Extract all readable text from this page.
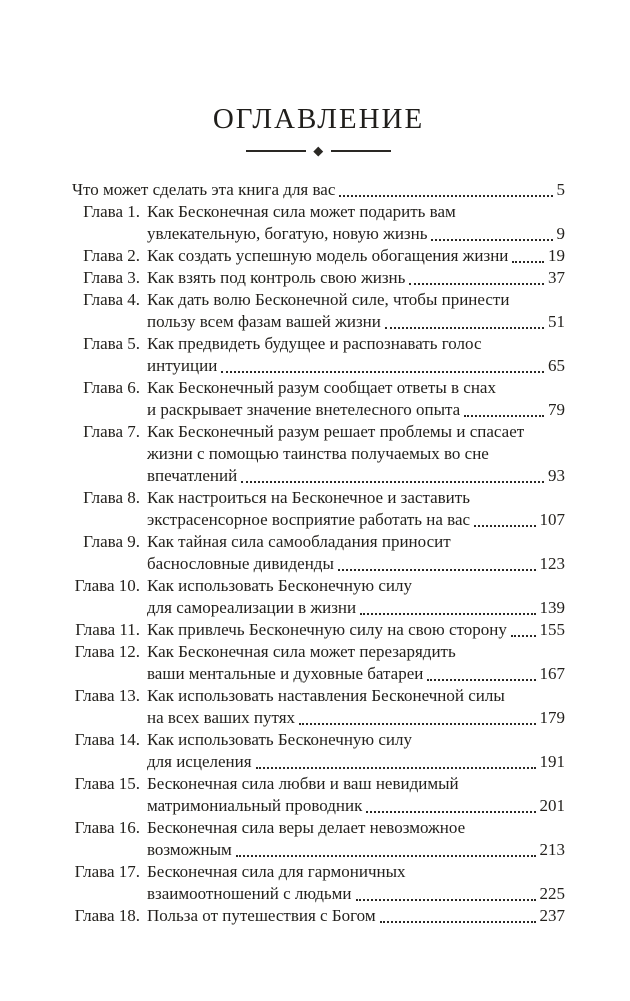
ОГЛАВЛЕНИЕ
Что может сделать эта книга для вас	5
Глава 1. Как Бесконечная сила может подарить вам
увлекательную, богатую, новую жизнь	9
Глава 2. Как создать успешную модель обогащения жизни 19
Глава 3. Как взять под контроль свою жизнь	37
Глава 4. Как дать волю Бесконечной силе, чтобы принести
пользу всем фазам вашей жизни	51
Глава 5. Как предвидеть будущее и распознавать голос
интуиции	65
Глава 6. Как Бесконечный разум сообщает ответы в снах
и раскрывает значение внетелесного опыта	79
Глава 7. Как Бесконечный разум решает проблемы и спасает
жизни с помощью таинства получаемых во сне
впечатлений	93
Глава 8. Как настроиться на Бесконечное и заставить
экстрасенсорное восприятие работать на вас	107
Глава 9. Как тайная сила самообладания приносит
баснословные дивиденды	123
Глава 10. Как использовать Бесконечную силу
для самореализации в жизни	139
Глава 11. Как привлечь Бесконечную силу на свою сторону 155
Глава 12. Как Бесконечная сила может перезарядить
ваши ментальные и духовные батареи	167
Глава 13. Как использовать наставления Бесконечной силы
на всех ваших путях	179
Глава 14. Как использовать Бесконечную силу
для исцеления	191
Глава 15. Бесконечная сила любви и ваш невидимый
матримониальный проводник	201
Глава 16. Бесконечная сила веры делает невозможное
возможным	213
Глава 17. Бесконечная сила для гармоничных
взаимоотношений с людьми	225
Глава 18. Польза от путешествия с Богом	237
